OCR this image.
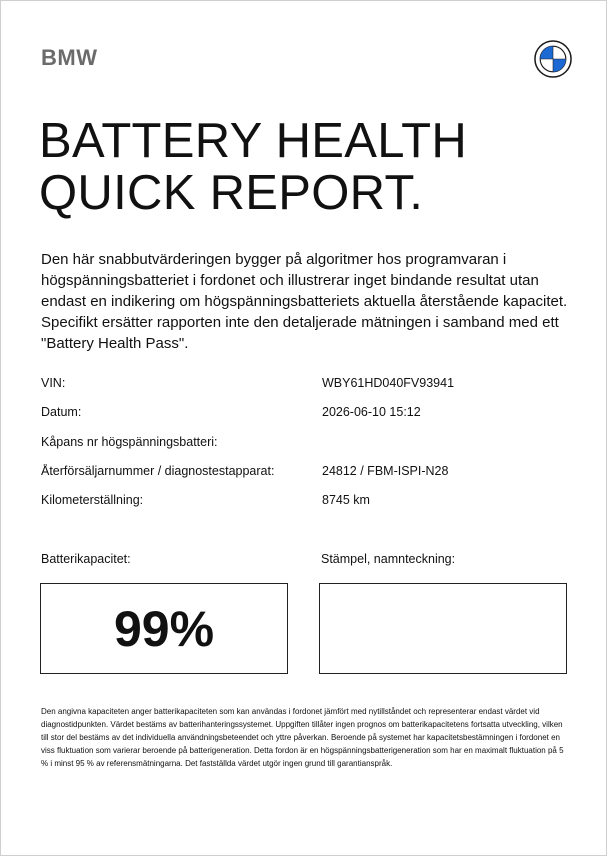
BMW
BATTERY HEALTH
QUICK REPORT.
Den här snabbutvärderingen bygger på algoritmer hos programvaran i högspänningsbatteriet i fordonet och illustrerar inget bindande resultat utan endast en indikering om högspänningsbatteriets aktuella återstående kapacitet. Specifikt ersätter rapporten inte den detaljerade mätningen i samband med ett "Battery Health Pass".
VIN:	WBY61HD040FV93941
Datum:	2026-06-10 15:12
Kåpans nr högspänningsbatteri:
Återförsäljarnummer / diagnostestapparat:	24812 / FBM-ISPI-N28
Kilometerställning:	8745 km
Batterikapacitet:	Stämpel, namnteckning:
99%
Den angivna kapaciteten anger batterikapaciteten som kan användas i fordonet jämfört med nytillståndet och representerar endast värdet vid diagnostidpunkten. Värdet bestäms av batterihanteringssystemet. Uppgiften tillåter ingen prognos om batterikapacitetens fortsatta utveckling, vilken till stor del bestäms av det individuella användningsbeteendet och yttre påverkan. Beroende på systemet har kapacitetsbestämningen i fordonet en viss fluktuation som varierar beroende på batterigeneration. Detta fordon är en högspänningsbatterigeneration som har en maximalt fluktuation på 5 % i minst 95 % av referensmätningarna. Det fastställda värdet utgör ingen grund till garantianspråk.
